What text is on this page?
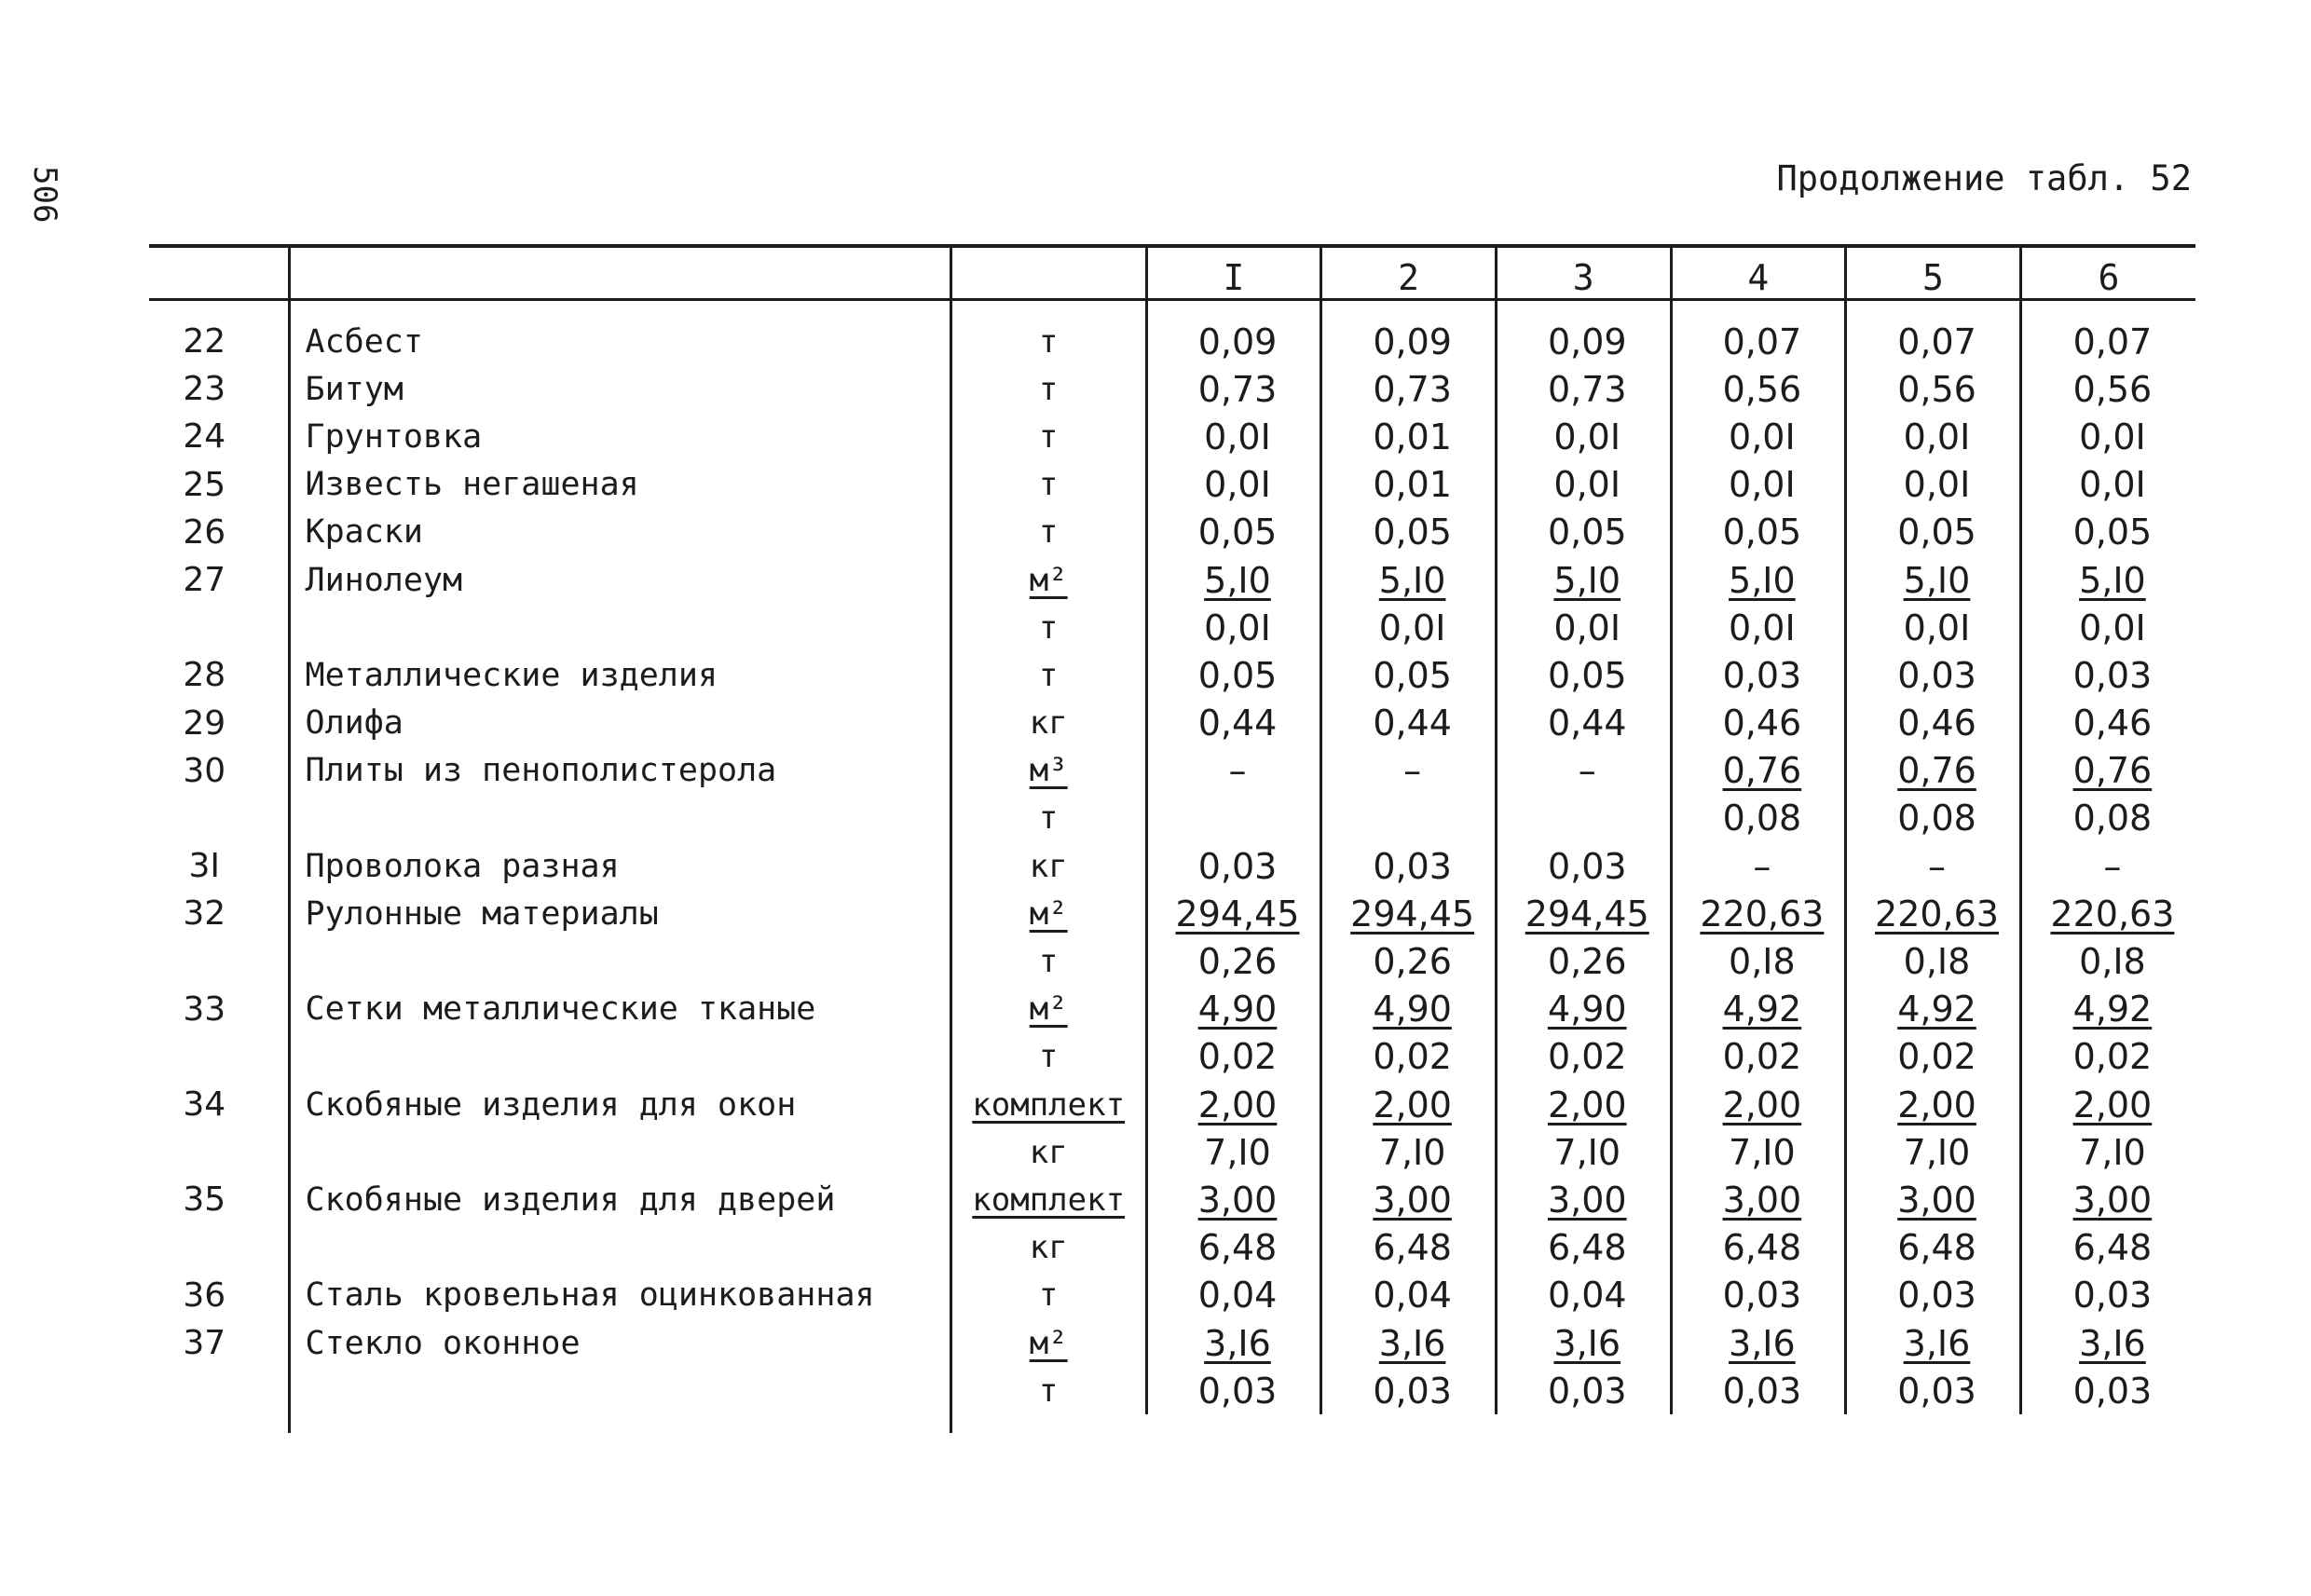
506	Продолжение табл. 52
			I	2	3	4	5	6
22	Асбест	т	0,09	0,09	0,09	0,07	0,07	0,07
23	Битум	т	0,73	0,73	0,73	0,56	0,56	0,56
24	Грунтовка	т	0,0I	0,01	0,0I	0,0I	0,0I	0,0I
25	Известь негашеная	т	0,0I	0,01	0,0I	0,0I	0,0I	0,0I
26	Краски	т	0,05	0,05	0,05	0,05	0,05	0,05
27	Линолеум	м²	5,I0	5,I0	5,I0	5,I0	5,I0	5,I0
		т	0,0I	0,0I	0,0I	0,0I	0,0I	0,0I
28	Металлические изделия	т	0,05	0,05	0,05	0,03	0,03	0,03
29	Олифа	кг	0,44	0,44	0,44	0,46	0,46	0,46
30	Плиты из пенополистерола	м³	–	–	–	0,76	0,76	0,76
		т				0,08	0,08	0,08
3I	Проволока разная	кг	0,03	0,03	0,03	–	–	–
32	Рулонные материалы	м²	294,45	294,45	294,45	220,63	220,63	220,63
		т	0,26	0,26	0,26	0,I8	0,I8	0,I8
33	Сетки металлические тканые	м²	4,90	4,90	4,90	4,92	4,92	4,92
		т	0,02	0,02	0,02	0,02	0,02	0,02
34	Скобяные изделия для окон	комплект	2,00	2,00	2,00	2,00	2,00	2,00
		кг	7,I0	7,I0	7,I0	7,I0	7,I0	7,I0
35	Скобяные изделия для дверей	комплект	3,00	3,00	3,00	3,00	3,00	3,00
		кг	6,48	6,48	6,48	6,48	6,48	6,48
36	Сталь кровельная оцинкованная	т	0,04	0,04	0,04	0,03	0,03	0,03
37	Стекло оконное	м²	3,I6	3,I6	3,I6	3,I6	3,I6	3,I6
		т	0,03	0,03	0,03	0,03	0,03	0,03
